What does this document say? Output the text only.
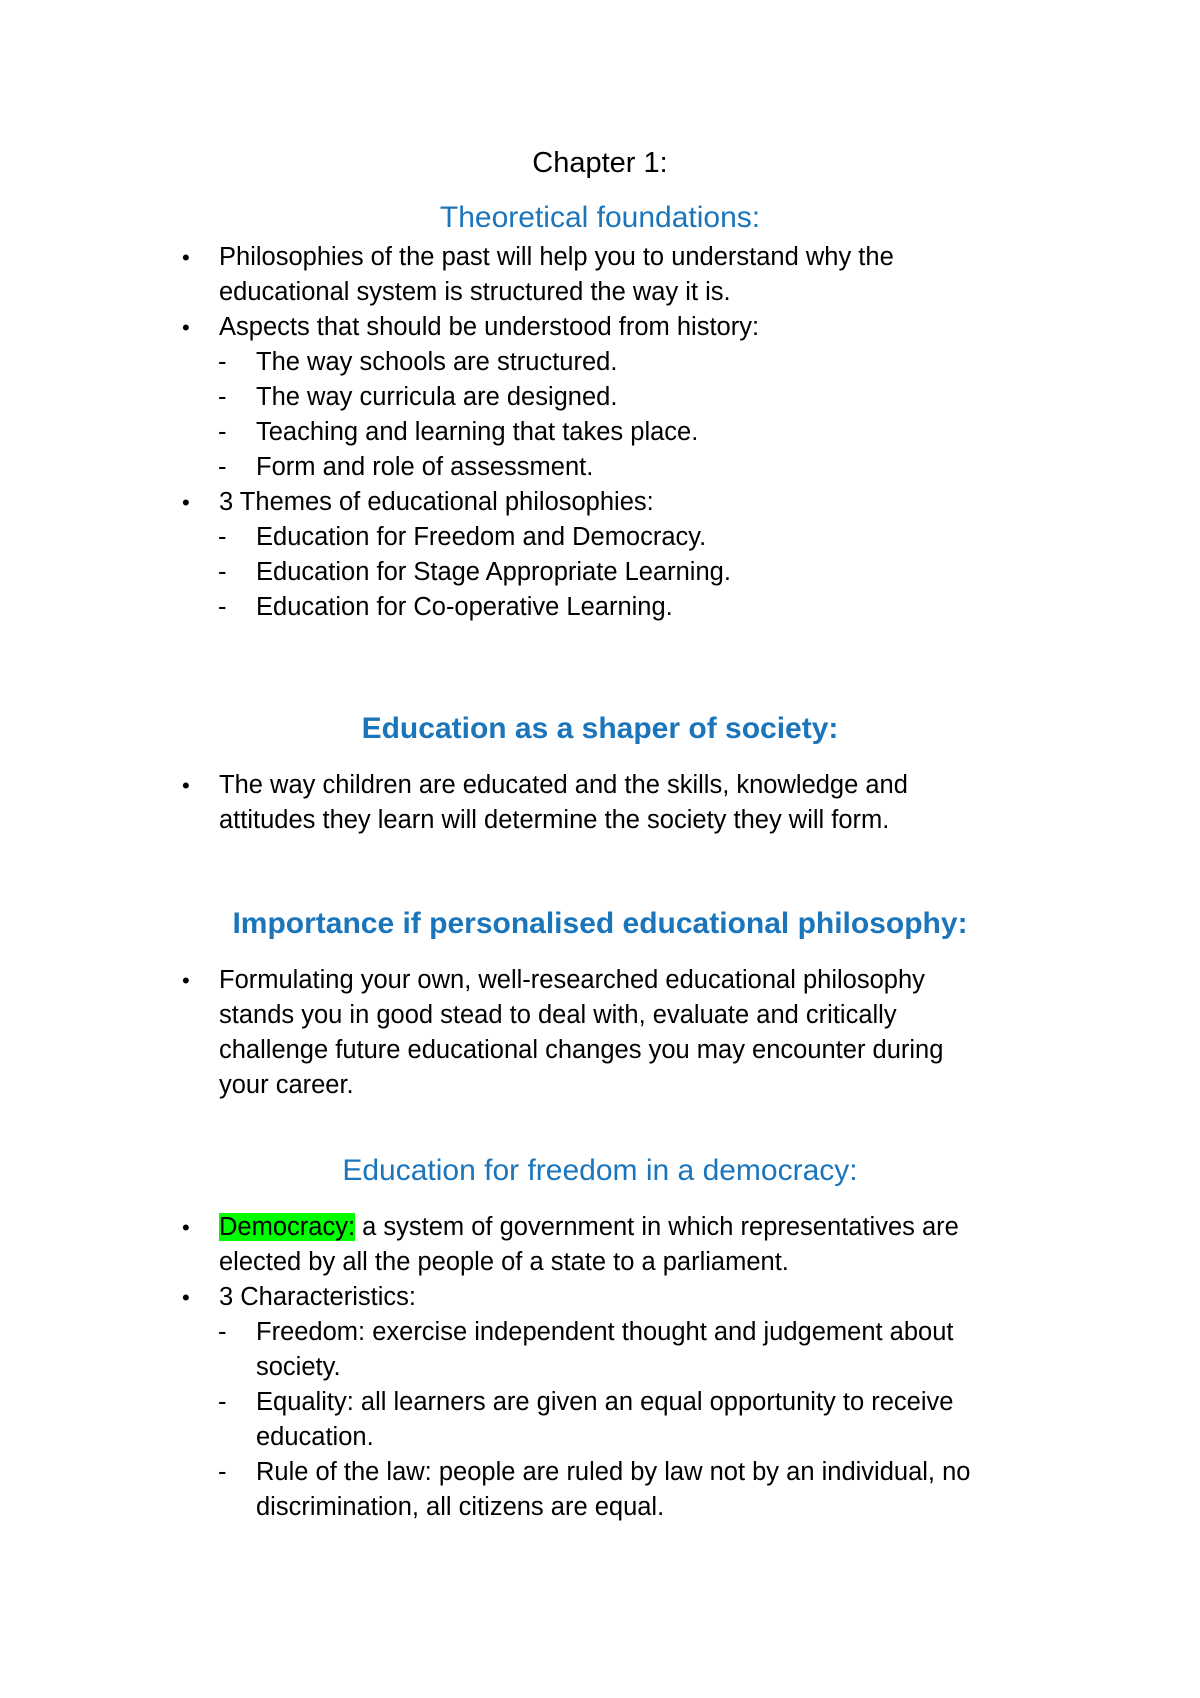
Chapter 1:
Theoretical foundations:
• Philosophies of the past will help you to understand why the
educational system is structured the way it is.
• Aspects that should be understood from history:
- The way schools are structured.
- The way curricula are designed.
- Teaching and learning that takes place.
- Form and role of assessment.
• 3 Themes of educational philosophies:
- Education for Freedom and Democracy.
- Education for Stage Appropriate Learning.
- Education for Co-operative Learning.
Education as a shaper of society:
• The way children are educated and the skills, knowledge and
attitudes they learn will determine the society they will form.
Importance if personalised educational philosophy:
• Formulating your own, well-researched educational philosophy
stands you in good stead to deal with, evaluate and critically
challenge future educational changes you may encounter during
your career.
Education for freedom in a democracy:
• Democracy: a system of government in which representatives are
elected by all the people of a state to a parliament.
• 3 Characteristics:
- Freedom: exercise independent thought and judgement about
society.
- Equality: all learners are given an equal opportunity to receive
education.
- Rule of the law: people are ruled by law not by an individual, no
discrimination, all citizens are equal.
